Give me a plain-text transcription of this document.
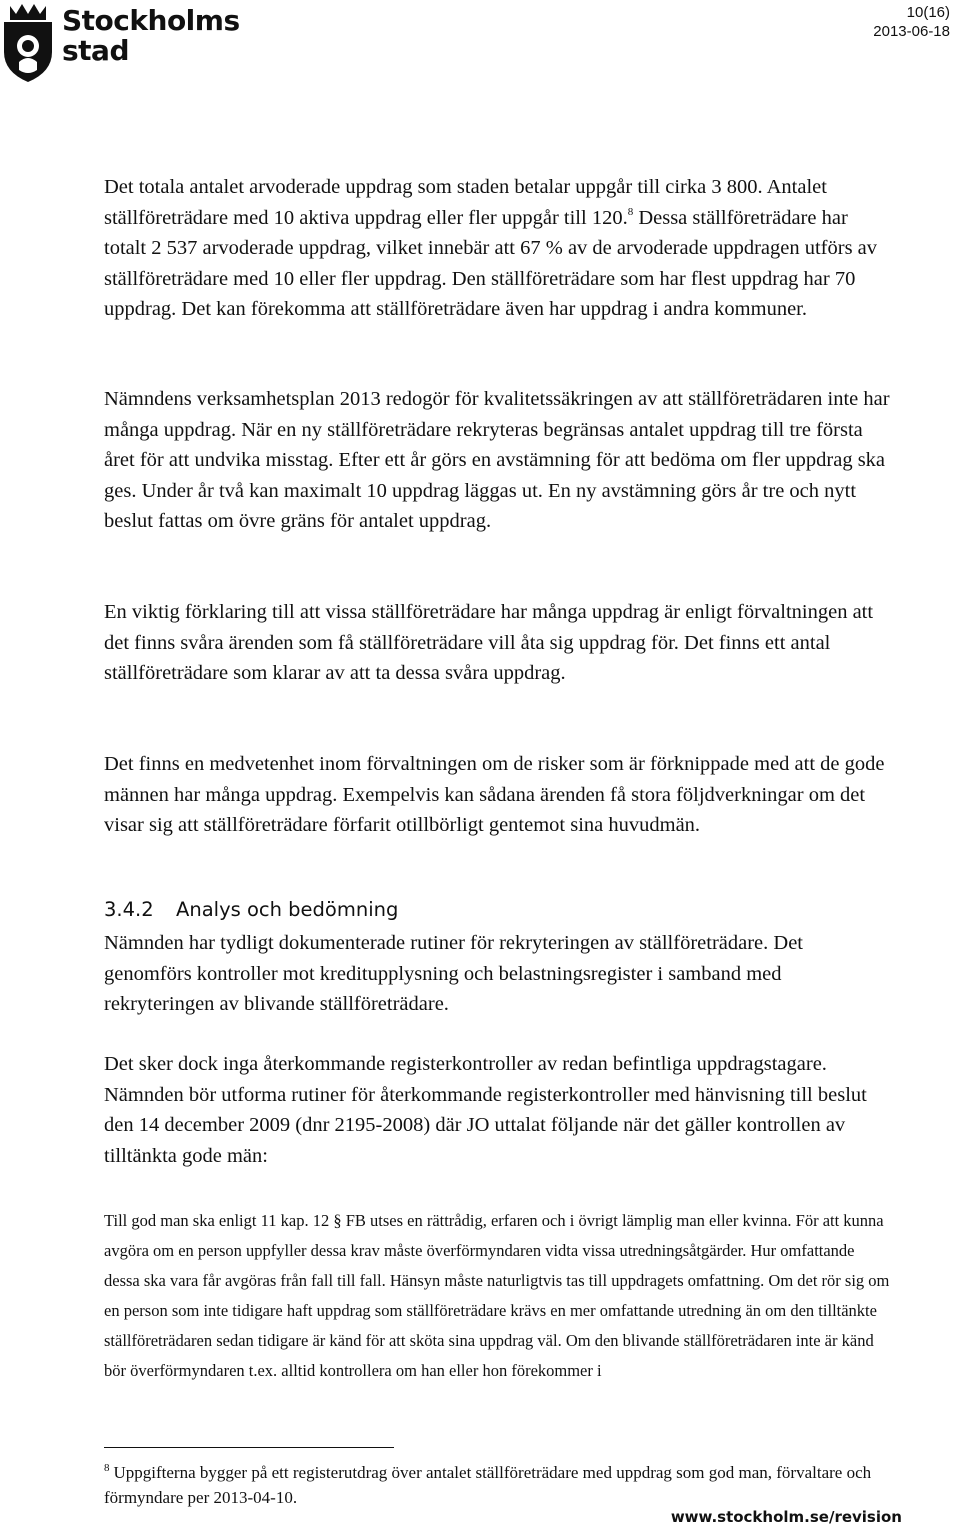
Stockholms
stad
10(16)
2013-06-18

Det totala antalet arvoderade uppdrag som staden betalar uppgår till cirka 3 800. Antalet ställföreträdare med 10 aktiva uppdrag eller fler uppgår till 120.$^8$ Dessa ställföreträdare har totalt 2 537 arvoderade uppdrag, vilket innebär att 67 % av de arvoderade uppdragen utförs av ställföreträdare med 10 eller fler uppdrag. Den ställföreträdare som har flest uppdrag har 70 uppdrag. Det kan förekomma att ställföreträdare även har uppdrag i andra kommuner.

Nämndens verksamhetsplan 2013 redogör för kvalitetssäkringen av att ställföreträdaren inte har många uppdrag. När en ny ställföreträdare rekryteras begränsas antalet uppdrag till tre första året för att undvika misstag. Efter ett år görs en avstämning för att bedöma om fler uppdrag ska ges. Under år två kan maximalt 10 uppdrag läggas ut. En ny avstämning görs år tre och nytt beslut fattas om övre gräns för antalet uppdrag.

En viktig förklaring till att vissa ställföreträdare har många uppdrag är enligt förvaltningen att det finns svåra ärenden som få ställföreträdare vill åta sig uppdrag för. Det finns ett antal ställföreträdare som klarar av att ta dessa svåra uppdrag.

Det finns en medvetenhet inom förvaltningen om de risker som är förknippade med att de gode männen har många uppdrag. Exempelvis kan sådana ärenden få stora följdverkningar om det visar sig att ställföreträdare förfarit otillbörligt gentemot sina huvudmän.

3.4.2 Analys och bedömning

Nämnden har tydligt dokumenterade rutiner för rekryteringen av ställföreträdare. Det genomförs kontroller mot kreditupplysning och belastningsregister i samband med rekryteringen av blivande ställföreträdare.

Det sker dock inga återkommande registerkontroller av redan befintliga uppdragstagare. Nämnden bör utforma rutiner för återkommande registerkontroller med hänvisning till beslut den 14 december 2009 (dnr 2195-2008) där JO uttalat följande när det gäller kontrollen av tilltänkta gode män:

Till god man ska enligt 11 kap. 12 § FB utses en rättrådig, erfaren och i övrigt lämplig man eller kvinna. För att kunna avgöra om en person uppfyller dessa krav måste överförmyndaren vidta vissa utredningsåtgärder. Hur omfattande dessa ska vara får avgöras från fall till fall. Hänsyn måste naturligtvis tas till uppdragets omfattning. Om det rör sig om en person som inte tidigare haft uppdrag som ställföreträdare krävs en mer omfattande utredning än om den tilltänkte ställföreträdaren sedan tidigare är känd för att sköta sina uppdrag väl. Om den blivande ställföreträdaren inte är känd bör överförmyndaren t.ex. alltid kontrollera om han eller hon förekommer i

$^8$ Uppgifterna bygger på ett registerutdrag över antalet ställföreträdare med uppdrag som god man, förvaltare och förmyndare per 2013-04-10.

www.stockholm.se/revision
